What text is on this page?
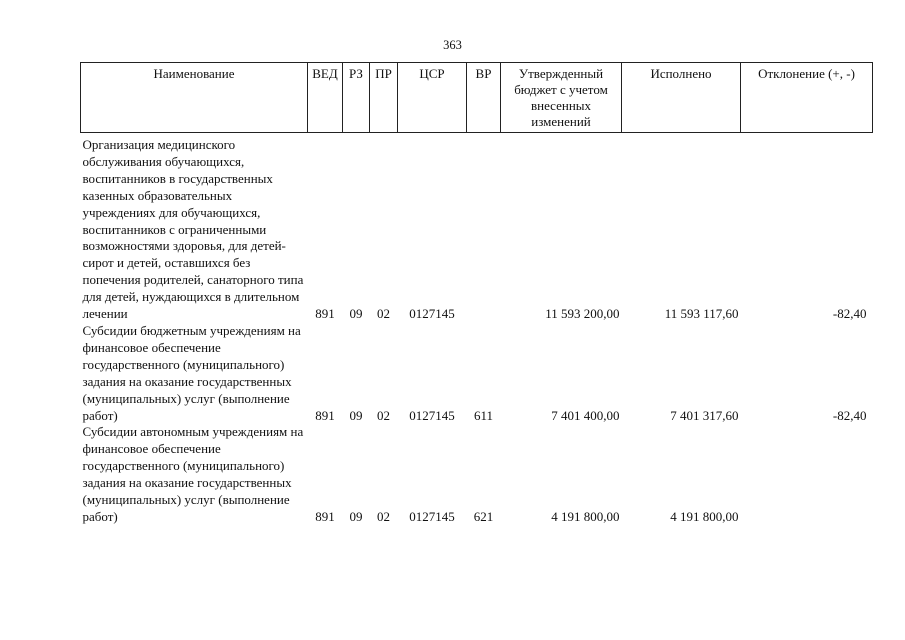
363
Наименование	ВЕД	РЗ	ПР	ЦСР	ВР	Утвержденный бюджет с учетом внесенных изменений	Исполнено	Отклонение (+, -)
Организация медицинского обслуживания обучающихся, воспитанников в государственных казенных образовательных учреждениях для обучающихся, воспитанников с ограниченными возможностями здоровья, для детей-сирот и детей, оставшихся без попечения родителей, санаторного типа для детей, нуждающихся в длительном лечении	891	09	02	0127145		11 593 200,00	11 593 117,60	-82,40
Субсидии бюджетным учреждениям на финансовое обеспечение государственного (муниципального) задания на оказание государственных (муниципальных) услуг (выполнение работ)	891	09	02	0127145	611	7 401 400,00	7 401 317,60	-82,40
Субсидии автономным учреждениям на финансовое обеспечение государственного (муниципального) задания на оказание государственных (муниципальных) услуг (выполнение работ)	891	09	02	0127145	621	4 191 800,00	4 191 800,00	
